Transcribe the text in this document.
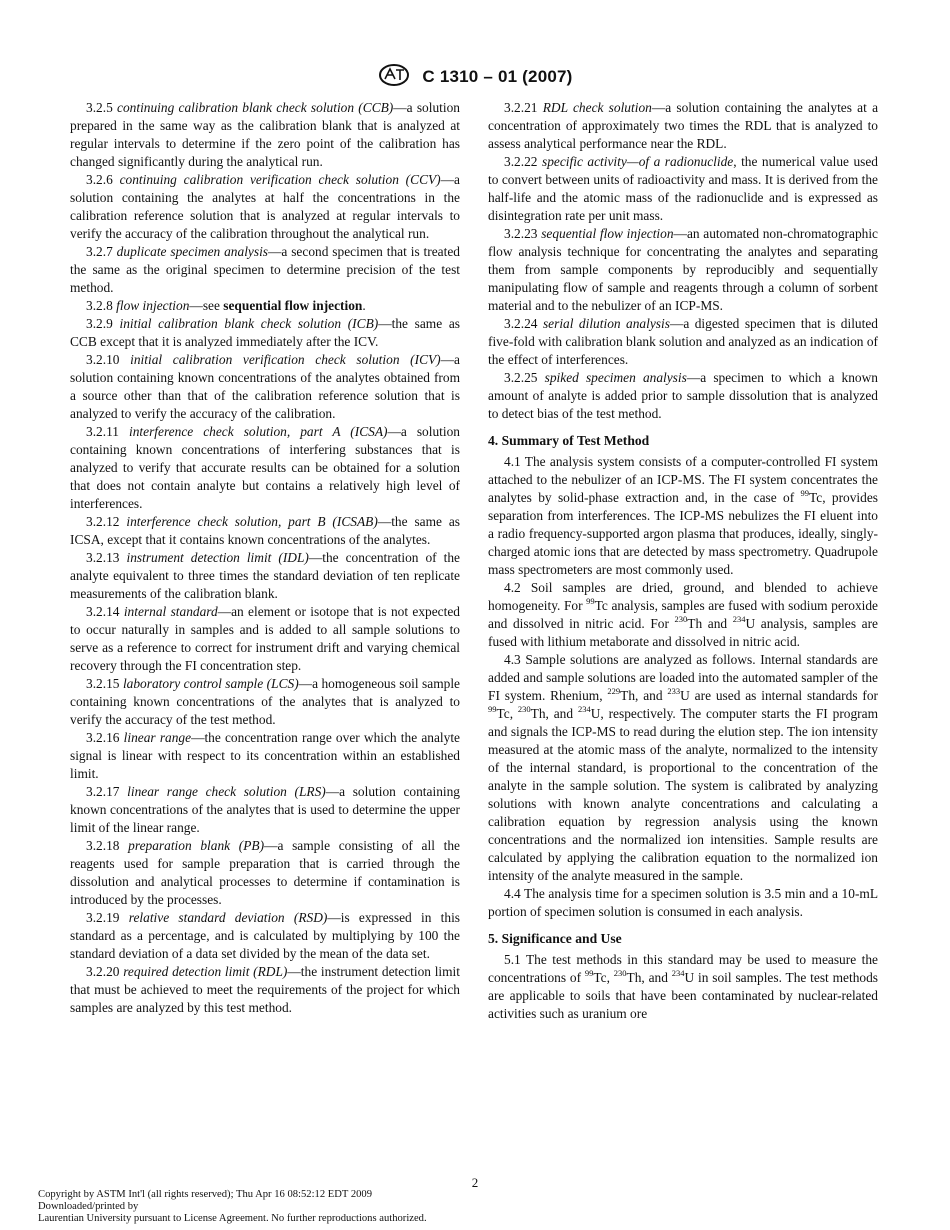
C 1310 – 01 (2007)

3.2.5 continuing calibration blank check solution (CCB)—a solution prepared in the same way as the calibration blank that is analyzed at regular intervals to determine if the zero point of the calibration has changed significantly during the analytical run.

3.2.6 continuing calibration verification check solution (CCV)—a solution containing the analytes at half the concentrations in the calibration reference solution that is analyzed at regular intervals to verify the accuracy of the calibration throughout the analytical run.

3.2.7 duplicate specimen analysis—a second specimen that is treated the same as the original specimen to determine precision of the test method.

3.2.8 flow injection—see sequential flow injection.

3.2.9 initial calibration blank check solution (ICB)—the same as CCB except that it is analyzed immediately after the ICV.

3.2.10 initial calibration verification check solution (ICV)—a solution containing known concentrations of the analytes obtained from a source other than that of the calibration reference solution that is analyzed to verify the accuracy of the calibration.

3.2.11 interference check solution, part A (ICSA)—a solution containing known concentrations of interfering substances that is analyzed to verify that accurate results can be obtained for a solution that does not contain analyte but contains a relatively high level of interferences.

3.2.12 interference check solution, part B (ICSAB)—the same as ICSA, except that it contains known concentrations of the analytes.

3.2.13 instrument detection limit (IDL)—the concentration of the analyte equivalent to three times the standard deviation of ten replicate measurements of the calibration blank.

3.2.14 internal standard—an element or isotope that is not expected to occur naturally in samples and is added to all sample solutions to serve as a reference to correct for instrument drift and varying chemical recovery through the FI concentration step.

3.2.15 laboratory control sample (LCS)—a homogeneous soil sample containing known concentrations of the analytes that is analyzed to verify the accuracy of the test method.

3.2.16 linear range—the concentration range over which the analyte signal is linear with respect to its concentration within an established limit.

3.2.17 linear range check solution (LRS)—a solution containing known concentrations of the analytes that is used to determine the upper limit of the linear range.

3.2.18 preparation blank (PB)—a sample consisting of all the reagents used for sample preparation that is carried through the dissolution and analytical processes to determine if contamination is introduced by the processes.

3.2.19 relative standard deviation (RSD)—is expressed in this standard as a percentage, and is calculated by multiplying by 100 the standard deviation of a data set divided by the mean of the data set.

3.2.20 required detection limit (RDL)—the instrument detection limit that must be achieved to meet the requirements of the project for which samples are analyzed by this test method.

3.2.21 RDL check solution—a solution containing the analytes at a concentration of approximately two times the RDL that is analyzed to assess analytical performance near the RDL.

3.2.22 specific activity—of a radionuclide, the numerical value used to convert between units of radioactivity and mass. It is derived from the half-life and the atomic mass of the radionuclide and is expressed as disintegration rate per unit mass.

3.2.23 sequential flow injection—an automated non-chromatographic flow analysis technique for concentrating the analytes and separating them from sample components by reproducibly and sequentially manipulating flow of sample and reagents through a column of sorbent material and to the nebulizer of an ICP-MS.

3.2.24 serial dilution analysis—a digested specimen that is diluted five-fold with calibration blank solution and analyzed as an indication of the effect of interferences.

3.2.25 spiked specimen analysis—a specimen to which a known amount of analyte is added prior to sample dissolution that is analyzed to detect bias of the test method.

4. Summary of Test Method

4.1 The analysis system consists of a computer-controlled FI system attached to the nebulizer of an ICP-MS. The FI system concentrates the analytes by solid-phase extraction and, in the case of $^{99}$Tc, provides separation from interferences. The ICP-MS nebulizes the FI eluent into a radio frequency-supported argon plasma that produces, ideally, singly-charged atomic ions that are detected by mass spectrometry. Quadrupole mass spectrometers are most commonly used.

4.2 Soil samples are dried, ground, and blended to achieve homogeneity. For $^{99}$Tc analysis, samples are fused with sodium peroxide and dissolved in nitric acid. For $^{230}$Th and $^{234}$U analysis, samples are fused with lithium metaborate and dissolved in nitric acid.

4.3 Sample solutions are analyzed as follows. Internal standards are added and sample solutions are loaded into the automated sampler of the FI system. Rhenium, $^{229}$Th, and $^{233}$U are used as internal standards for $^{99}$Tc, $^{230}$Th, and $^{234}$U, respectively. The computer starts the FI program and signals the ICP-MS to read during the elution step. The ion intensity measured at the atomic mass of the analyte, normalized to the intensity of the internal standard, is proportional to the concentration of the analyte in the sample solution. The system is calibrated by analyzing solutions with known analyte concentrations and calculating a calibration equation by regression analysis using the known concentrations and the normalized ion intensities. Sample results are calculated by applying the calibration equation to the normalized ion intensity of the analyte measured in the sample.

4.4 The analysis time for a specimen solution is 3.5 min and a 10-mL portion of specimen solution is consumed in each analysis.

5. Significance and Use

5.1 The test methods in this standard may be used to measure the concentrations of $^{99}$Tc, $^{230}$Th, and $^{234}$U in soil samples. The test methods are applicable to soils that have been contaminated by nuclear-related activities such as uranium ore

2
Copyright by ASTM Int'l (all rights reserved); Thu Apr 16 08:52:12 EDT 2009
Downloaded/printed by
Laurentian University pursuant to License Agreement. No further reproductions authorized.
